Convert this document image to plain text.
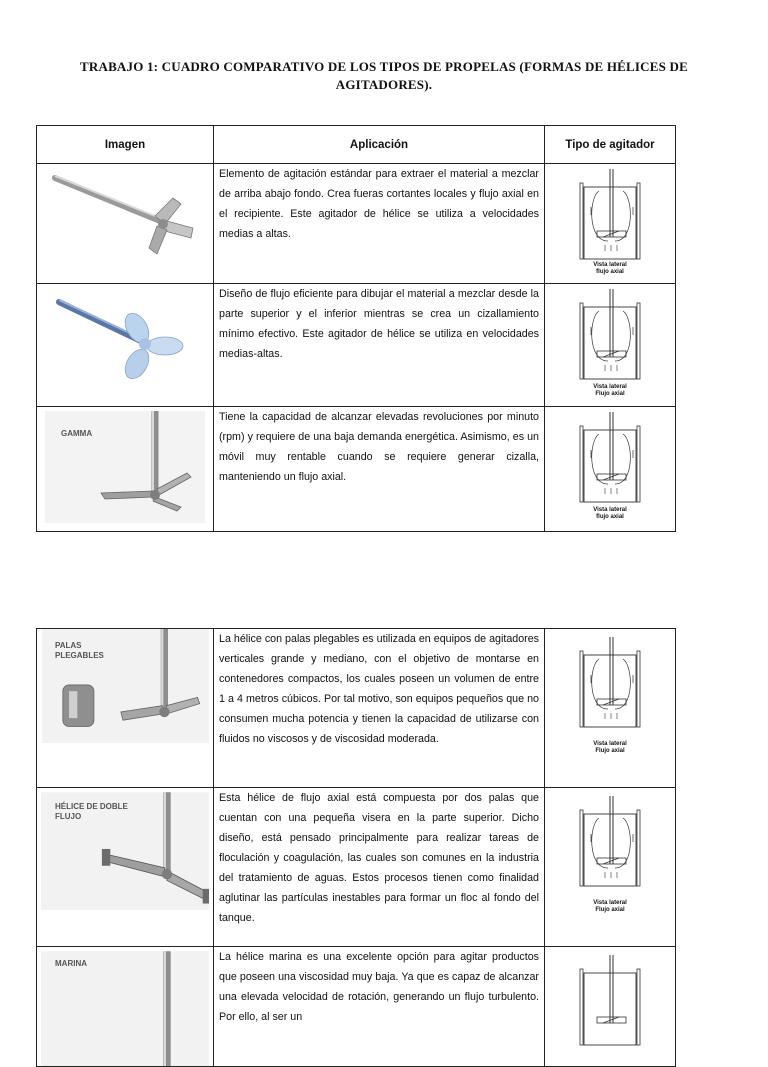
TRABAJO 1: CUADRO COMPARATIVO DE LOS TIPOS DE PROPELAS (FORMAS DE HÉLICES DE AGITADORES).
Imagen	Aplicación	Tipo de agitador

	Elemento de agitación estándar para extraer el material a mezclar de arriba abajo fondo. Crea fueras cortantes locales y flujo axial en el recipiente. Este agitador de hélice se utiliza a velocidades medias a altas.	Vista lateral
flujo axial

	Diseño de flujo eficiente para dibujar el material a mezclar desde la parte superior y el inferior mientras se crea un cizallamiento mínimo efectivo. Este agitador de hélice se utiliza en velocidades medias-altas.	Vista lateral
Flujo axial

GAMMA	Tiene la capacidad de alcanzar elevadas revoluciones por minuto (rpm) y requiere de una baja demanda energética. Asimismo, es un móvil muy rentable cuando se requiere generar cizalla, manteniendo un flujo axial.	Vista lateral
flujo axial
PALAS PLEGABLES	La hélice con palas plegables es utilizada en equipos de agitadores verticales grande y mediano, con el objetivo de montarse en contenedores compactos, los cuales poseen un volumen de entre 1 a 4 metros cúbicos. Por tal motivo, son equipos pequeños que no consumen mucha potencia y tienen la capacidad de utilizarse con fluidos no viscosos y de viscosidad moderada.	Vista lateral
Flujo axial

HÉLICE DE DOBLE FLUJO	Esta hélice de flujo axial está compuesta por dos palas que cuentan con una pequeña visera en la parte superior. Dicho diseño, está pensado principalmente para realizar tareas de floculación y coagulación, las cuales son comunes en la industria del tratamiento de aguas. Estos procesos tienen como finalidad aglutinar las partículas inestables para formar un floc al fondo del tanque.	Vista lateral
Flujo axial

MARINA	La hélice marina es una excelente opción para agitar productos que poseen una viscosidad muy baja. Ya que es capaz de alcanzar una elevada velocidad de rotación, generando un flujo turbulento. Por ello, al ser un	
